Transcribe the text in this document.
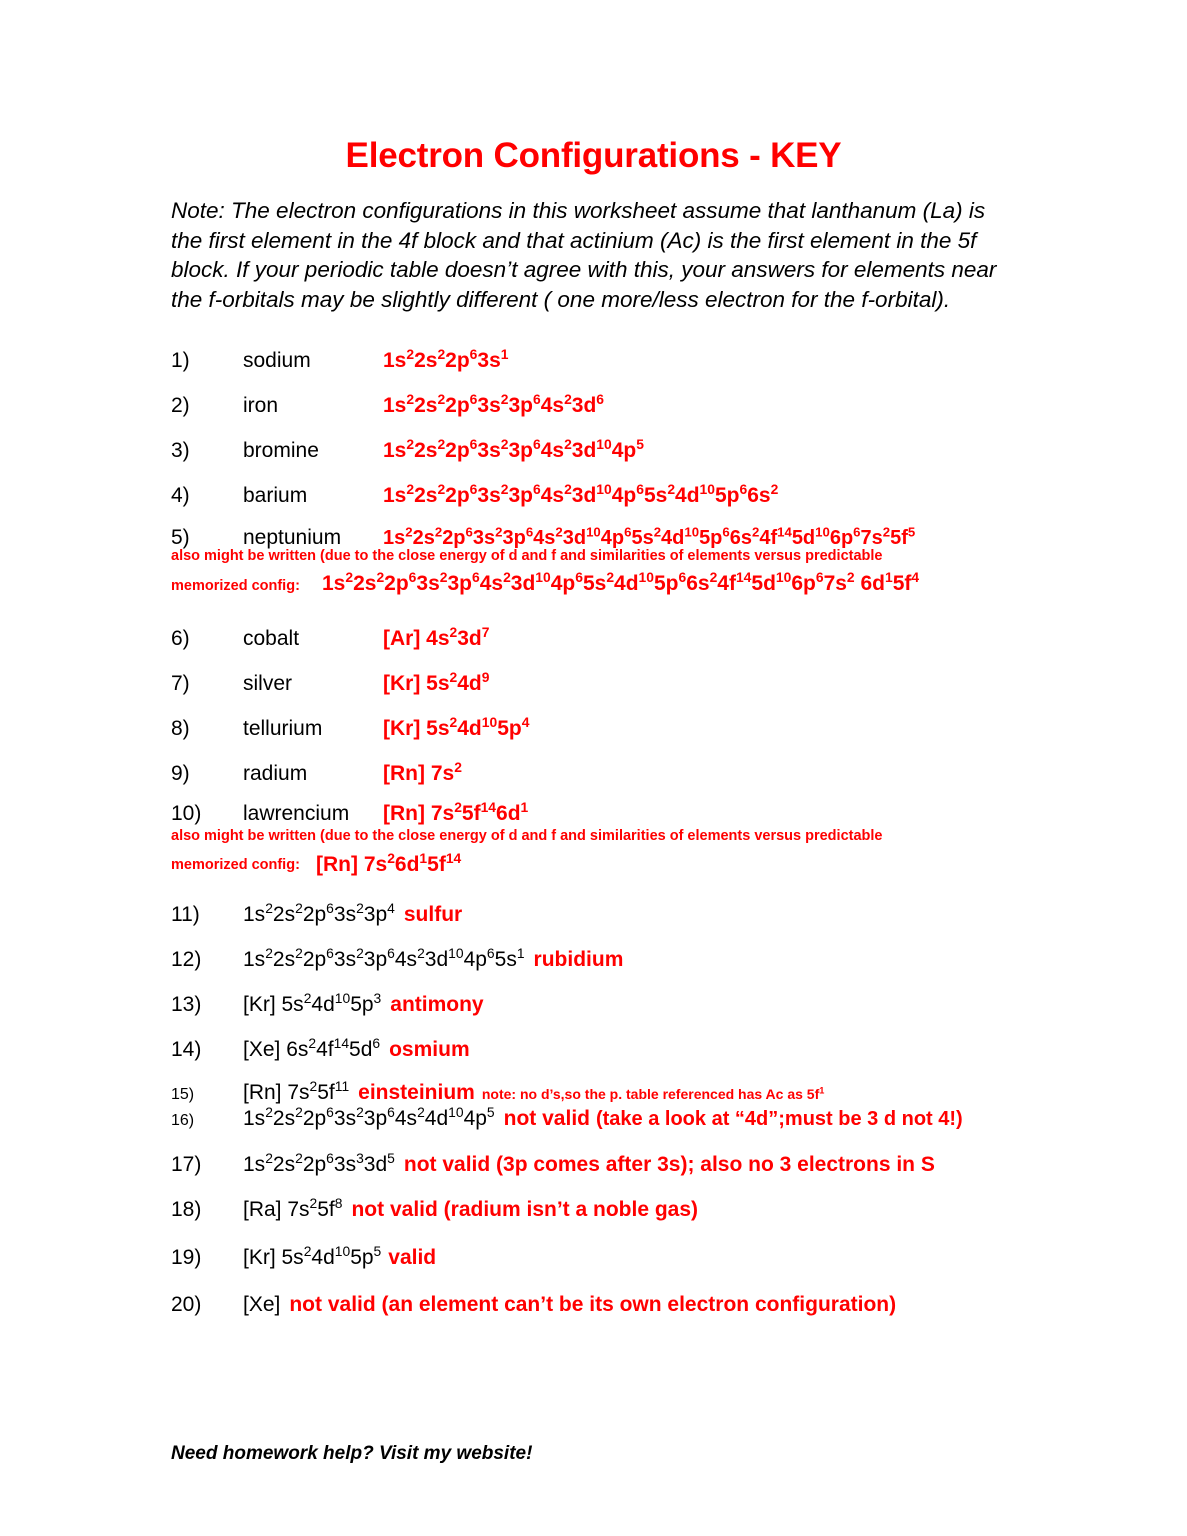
Electron Configurations - KEY
Note: The electron configurations in this worksheet assume that lanthanum (La) is the first element in the 4f block and that actinium (Ac) is the first element in the 5f block. If your periodic table doesn’t agree with this, your answers for elements near the f-orbitals may be slightly different ( one more/less electron for the f-orbital).
1)	sodium	$1s^22s^22p^63s^1$
2)	iron	$1s^22s^22p^63s^23p^64s^23d^6$
3)	bromine	$1s^22s^22p^63s^23p^64s^23d^{10}4p^5$
4)	barium	$1s^22s^22p^63s^23p^64s^23d^{10}4p^65s^24d^{10}5p^66s^2$
5)	neptunium $1s^22s^22p^63s^23p^64s^23d^{10}4p^65s^24d^{10}5p^66s^24f^{14}5d^{10}6p^67s^25f^5$
also might be written (due to the close energy of d and f and similarities of elements versus predictable
memorized config: $1s^22s^22p^63s^23p^64s^23d^{10}4p^65s^24d^{10}5p^66s^24f^{14}5d^{10}6p^67s^2$ $6d^15f^4$
6)	cobalt	[Ar] $4s^23d^7$
7)	silver	[Kr] $5s^24d^9$
8)	tellurium	[Kr] $5s^24d^{10}5p^4$
9)	radium	[Rn] $7s^2$
10) lawrencium [Rn] $7s^25f^{14}6d^1$
also might be written (due to the close energy of d and f and similarities of elements versus predictable
memorized config: [Rn] $7s^26d^15f^{14}$
11) $1s^22s^22p^63s^23p^4$ sulfur
12) $1s^22s^22p^63s^23p^64s^23d^{10}4p^65s^1$ rubidium
13) [Kr] $5s^24d^{10}5p^3$ antimony
14) [Xe] $6s^24f^{14}5d^6$ osmium
15) [Rn] $7s^25f^{11}$ einsteinium note: no d’s,so the p. table referenced has Ac as $5f^1$
16) $1s^22s^22p^63s^23p^64s^24d^{10}4p^5$ not valid (take a look at “4d”;must be 3 d not 4!)
17) $1s^22s^22p^63s^33d^5$ not valid (3p comes after 3s); also no 3 electrons in S
18) [Ra] $7s^25f^8$ not valid (radium isn’t a noble gas)
19) [Kr] $5s^24d^{10}5p^5$ valid
20) [Xe] not valid (an element can’t be its own electron configuration)
Need homework help? Visit my website!
